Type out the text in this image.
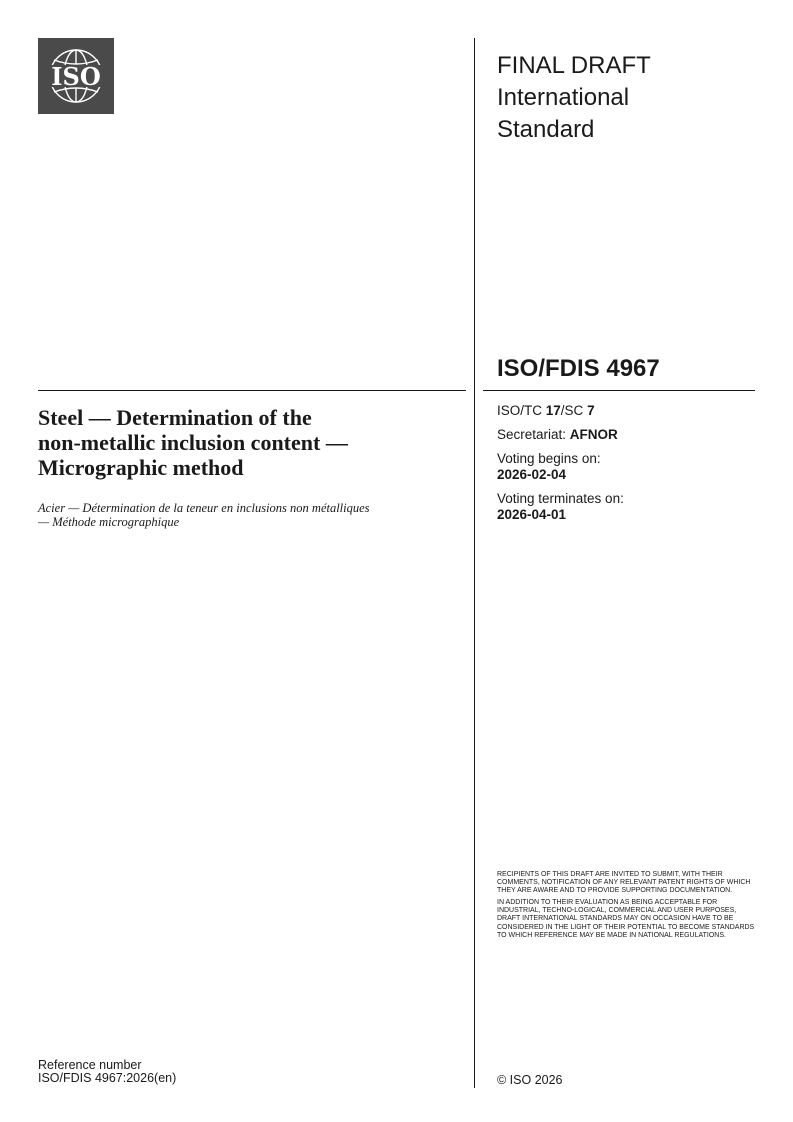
ISO	FINAL DRAFT
International
Standard
ISO/FDIS 4967
Steel — Determination of the
non-metallic inclusion content —
Micrographic method
Acier — Détermination de la teneur en inclusions non métalliques
— Méthode micrographique
ISO/TC 17/SC 7
Secretariat: AFNOR
Voting begins on:
2026-02-04
Voting terminates on:
2026-04-01

RECIPIENTS OF THIS DRAFT ARE INVITED TO SUBMIT, WITH THEIR COMMENTS, NOTIFICATION OF ANY RELEVANT PATENT RIGHTS OF WHICH THEY ARE AWARE AND TO PROVIDE SUPPORTING DOCUMENTATION.

IN ADDITION TO THEIR EVALUATION AS BEING ACCEPTABLE FOR INDUSTRIAL, TECHNO-LOGICAL, COMMERCIAL AND USER PURPOSES, DRAFT INTERNATIONAL STANDARDS MAY ON OCCASION HAVE TO BE CONSIDERED IN THE LIGHT OF THEIR POTENTIAL TO BECOME STANDARDS TO WHICH REFERENCE MAY BE MADE IN NATIONAL REGULATIONS.

Reference number
ISO/FDIS 4967:2026(en)	© ISO 2026
